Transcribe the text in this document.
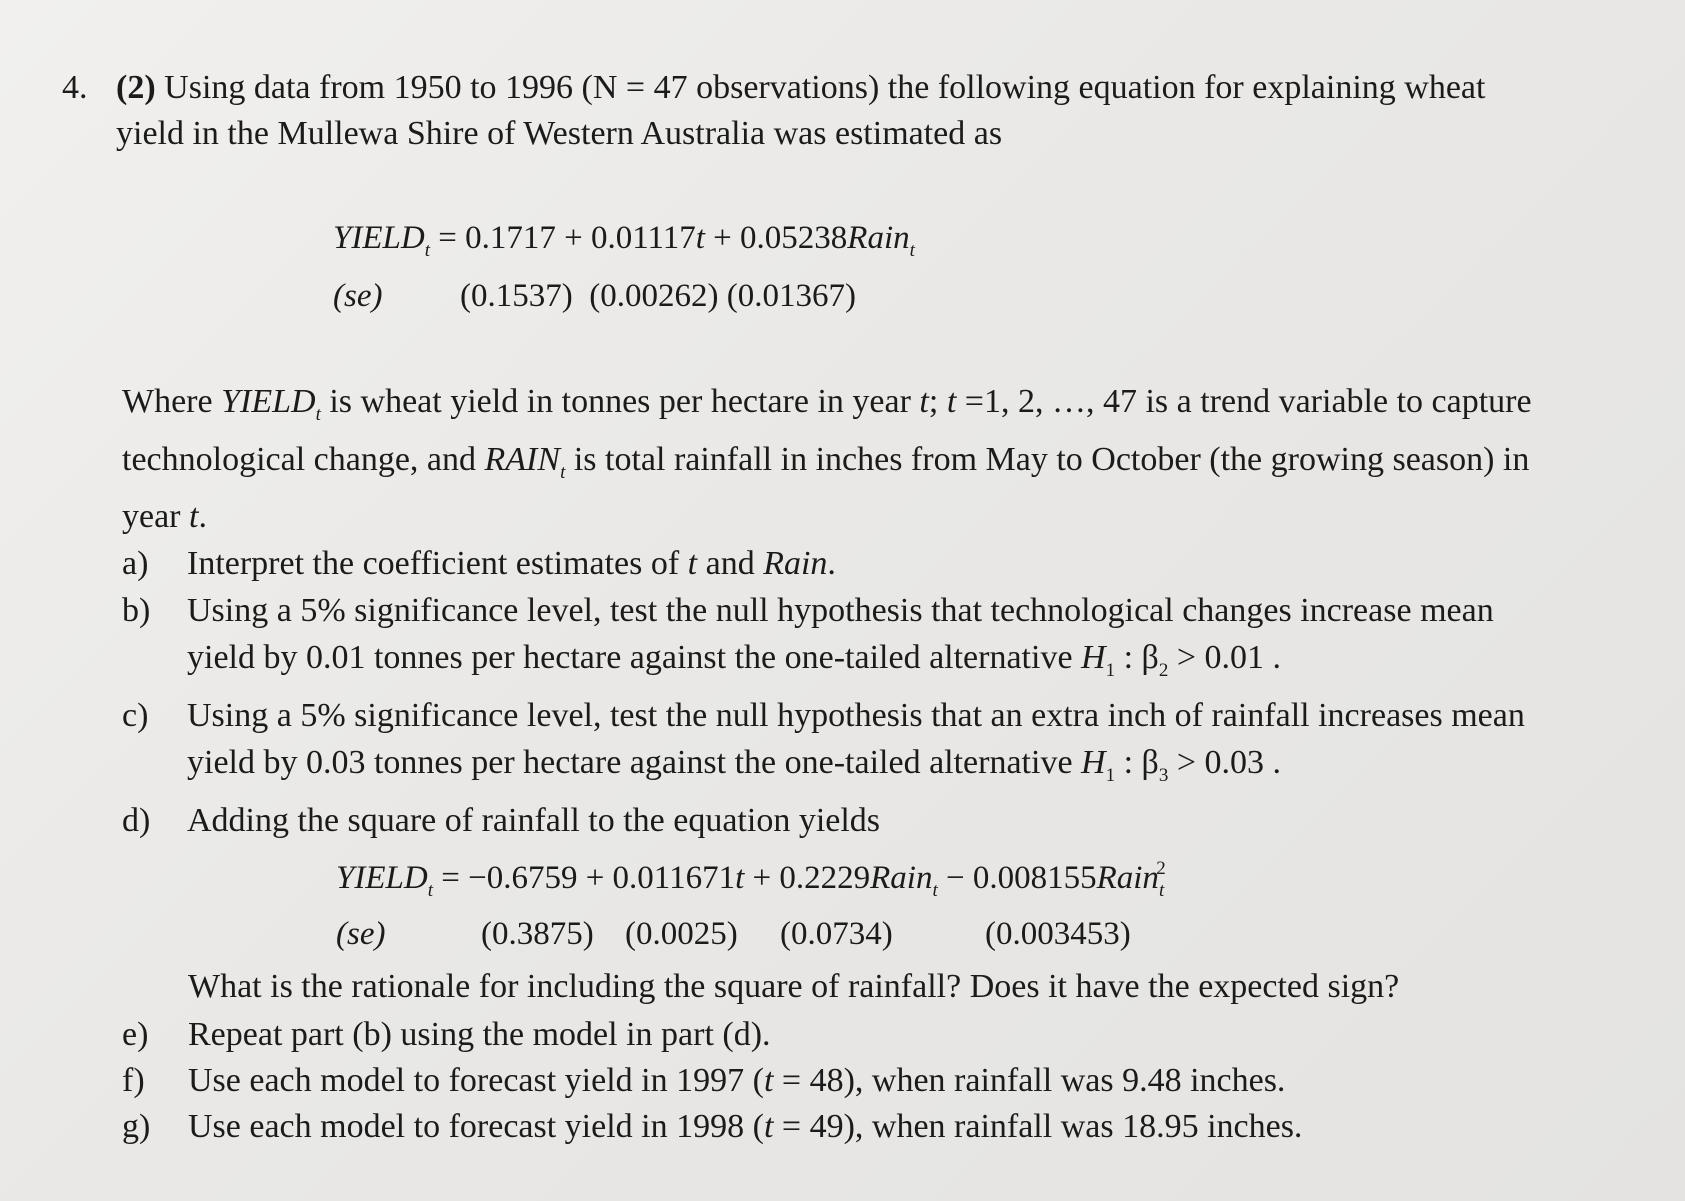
4. (2) Using data from 1950 to 1996 (N = 47 observations) the following equation for explaining wheat
yield in the Mullewa Shire of Western Australia was estimated as
$YIELD_t = 0.1717 + 0.01117t$ + 0.05238Rain$_t$
(se) (0.1537)  (0.00262) (0.01367)
Where $YIELD_t$ is wheat yield in tonnes per hectare in year t; t =1, 2, …, 47 is a trend variable to capture
technological change, and $RAIN_t$ is total rainfall in inches from May to October (the growing season) in
year t.
a) Interpret the coefficient estimates of t and Rain.
b) Using a 5% significance level, test the null hypothesis that technological changes increase mean
yield by 0.01 tonnes per hectare against the one-tailed alternative $H_1$ : $\beta_2 > 0.01$ .
c) Using a 5% significance level, test the null hypothesis that an extra inch of rainfall increases mean
yield by 0.03 tonnes per hectare against the one-tailed alternative $H_1$ : $\beta_3 > 0.03$ .
d) Adding the square of rainfall to the equation yields
$YIELD_t = -0.6759 + 0.011671t$ + 0.2229Rain$_t$ − 0.008155Rain$_t^2$
(se)	(0.3875) (0.0025) (0.0734)	(0.003453)
What is the rationale for including the square of rainfall? Does it have the expected sign?
e) Repeat part (b) using the model in part (d).
f) Use each model to forecast yield in 1997 (t = 48), when rainfall was 9.48 inches.
g) Use each model to forecast yield in 1998 (t = 49), when rainfall was 18.95 inches.
